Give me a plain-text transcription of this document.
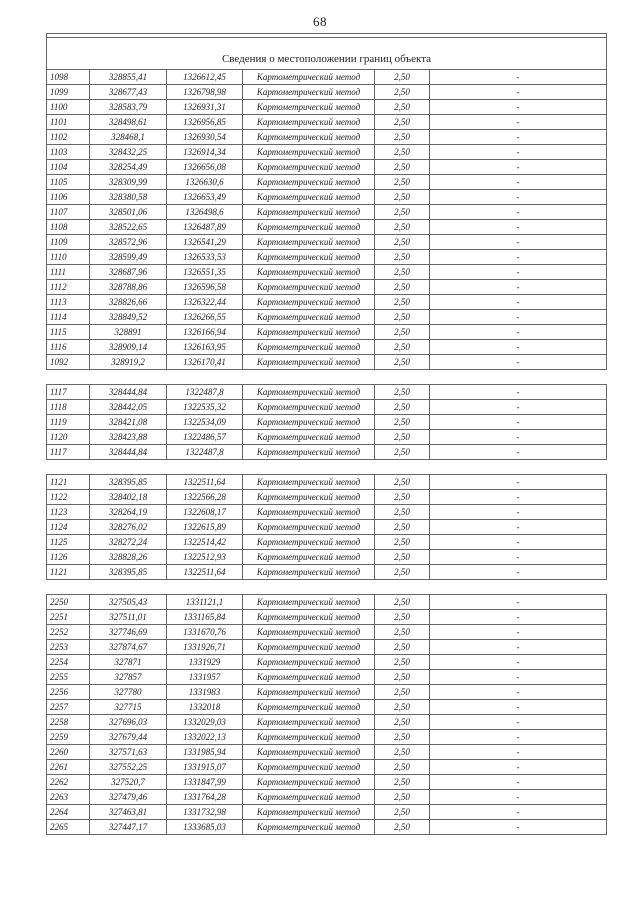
68

Сведения о местоположении границ объекта					
1098	328855,41	1326612,45	Картометрический метод	2,50	-
1099	328677,43	1326798,98	Картометрический метод	2,50	-
1100	328583,79	1326931,31	Картометрический метод	2,50	-
1101	328498,61	1326956,85	Картометрический метод	2,50	-
1102	328468,1	1326930,54	Картометрический метод	2,50	-
1103	328432,25	1326914,34	Картометрический метод	2,50	-
1104	328254,49	1326656,08	Картометрический метод	2,50	-
1105	328309,99	1326630,6	Картометрический метод	2,50	-
1106	328380,58	1326653,49	Картометрический метод	2,50	-
1107	328501,06	1326498,6	Картометрический метод	2,50	-
1108	328522,65	1326487,89	Картометрический метод	2,50	-
1109	328572,96	1326541,29	Картометрический метод	2,50	-
1110	328599,49	1326533,53	Картометрический метод	2,50	-
1111	328687,96	1326551,35	Картометрический метод	2,50	-
1112	328788,86	1326596,58	Картометрический метод	2,50	-
1113	328826,66	1326322,44	Картометрический метод	2,50	-
1114	328849,52	1326266,55	Картометрический метод	2,50	-
1115	328891	1326166,94	Картометрический метод	2,50	-
1116	328909,14	1326163,95	Картометрический метод	2,50	-
1092	328919,2	1326170,41	Картометрический метод	2,50	-

1117	328444,84	1322487,8	Картометрический метод	2,50	-
1118	328442,05	1322535,32	Картометрический метод	2,50	-
1119	328421,08	1322534,09	Картометрический метод	2,50	-
1120	328423,88	1322486,57	Картометрический метод	2,50	-
1117	328444,84	1322487,8	Картометрический метод	2,50	-

1121	328395,85	1322511,64	Картометрический метод	2,50	-
1122	328402,18	1322566,28	Картометрический метод	2,50	-
1123	328264,19	1322608,17	Картометрический метод	2,50	-
1124	328276,02	1322615,89	Картометрический метод	2,50	-
1125	328272,24	1322514,42	Картометрический метод	2,50	-
1126	328828,26	1322512,93	Картометрический метод	2,50	-
1121	328395,85	1322511,64	Картометрический метод	2,50	-

2250	327505,43	1331121,1	Картометрический метод	2,50	-
2251	327511,01	1331165,84	Картометрический метод	2,50	-
2252	327746,69	1331670,76	Картометрический метод	2,50	-
2253	327874,67	1331926,71	Картометрический метод	2,50	-
2254	327871	1331929	Картометрический метод	2,50	-
2255	327857	1331957	Картометрический метод	2,50	-
2256	327780	1331983	Картометрический метод	2,50	-
2257	327715	1332018	Картометрический метод	2,50	-
2258	327696,03	1332029,03	Картометрический метод	2,50	-
2259	327679,44	1332022,13	Картометрический метод	2,50	-
2260	327571,63	1331985,94	Картометрический метод	2,50	-
2261	327552,25	1331915,07	Картометрический метод	2,50	-
2262	327520,7	1331847,99	Картометрический метод	2,50	-
2263	327479,46	1331764,28	Картометрический метод	2,50	-
2264	327463,81	1331732,98	Картометрический метод	2,50	-
2265	327447,17	1333685,03	Картометрический метод	2,50	-
